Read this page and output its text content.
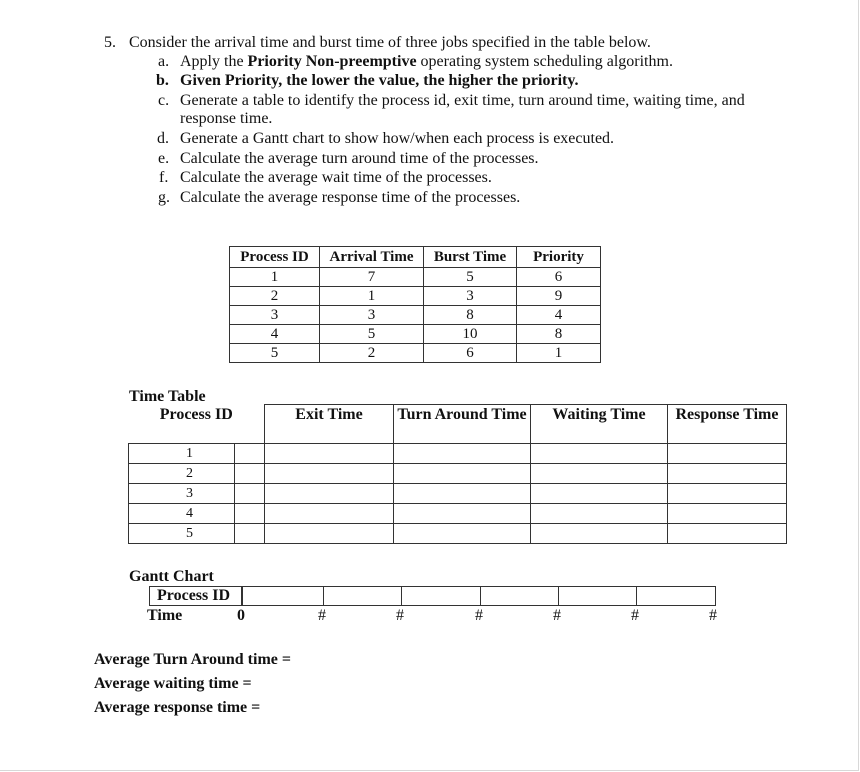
5. Consider the arrival time and burst time of three jobs specified in the table below.
a. Apply the Priority Non-preemptive operating system scheduling algorithm.
b. Given Priority, the lower the value, the higher the priority.
c. Generate a table to identify the process id, exit time, turn around time, waiting time, and
response time.
d. Generate a Gantt chart to show how/when each process is executed.
e. Calculate the average turn around time of the processes.
f. Calculate the average wait time of the processes.
g. Calculate the average response time of the processes.
Process ID	Arrival Time	Burst Time	Priority
1	7	5	6
2	1	3	9
3	3	8	4
4	5	10	8
5	2	6	1
Time Table
Process ID	Exit Time	Turn Around Time	Waiting Time	Response Time
1				
2				
3				
4				
5				
Gantt Chart
Process ID
Time	0	#	#	#	#	#	#
Average Turn Around time =
Average waiting time =
Average response time =
